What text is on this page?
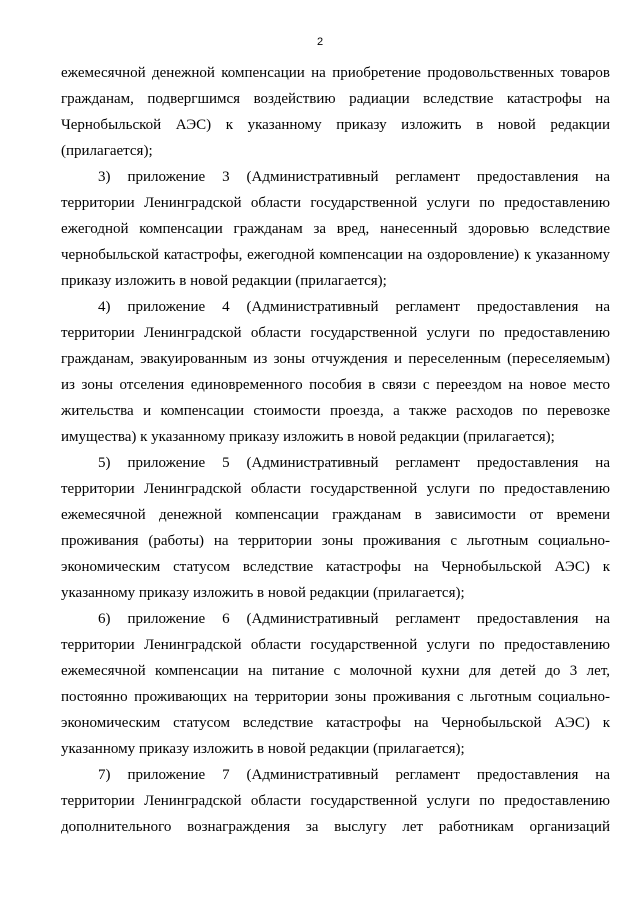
2
ежемесячной денежной компенсации на приобретение продовольственных товаров
гражданам, подвергшимся воздействию радиации вследствие катастрофы на
Чернобыльской АЭС) к указанному приказу изложить в новой редакции
(прилагается);
3) приложение 3 (Административный регламент предоставления на
территории Ленинградской области государственной услуги по предоставлению
ежегодной компенсации гражданам за вред, нанесенный здоровью вследствие
чернобыльской катастрофы, ежегодной компенсации на оздоровление) к указанному
приказу изложить в новой редакции (прилагается);
4) приложение 4 (Административный регламент предоставления на
территории Ленинградской области государственной услуги по предоставлению
гражданам, эвакуированным из зоны отчуждения и переселенным (переселяемым)
из зоны отселения единовременного пособия в связи с переездом на новое место
жительства и компенсации стоимости проезда, а также расходов по перевозке
имущества) к указанному приказу изложить в новой редакции (прилагается);
5) приложение 5 (Административный регламент предоставления на
территории Ленинградской области государственной услуги по предоставлению
ежемесячной денежной компенсации гражданам в зависимости от времени
проживания (работы) на территории зоны проживания с льготным социально-
экономическим статусом вследствие катастрофы на Чернобыльской АЭС) к
указанному приказу изложить в новой редакции (прилагается);
6) приложение 6 (Административный регламент предоставления на
территории Ленинградской области государственной услуги по предоставлению
ежемесячной компенсации на питание с молочной кухни для детей до 3 лет,
постоянно проживающих на территории зоны проживания с льготным социально-
экономическим статусом вследствие катастрофы на Чернобыльской АЭС) к
указанному приказу изложить в новой редакции (прилагается);
7) приложение 7 (Административный регламент предоставления на
территории Ленинградской области государственной услуги по предоставлению
дополнительного вознаграждения за выслугу лет работникам организаций
